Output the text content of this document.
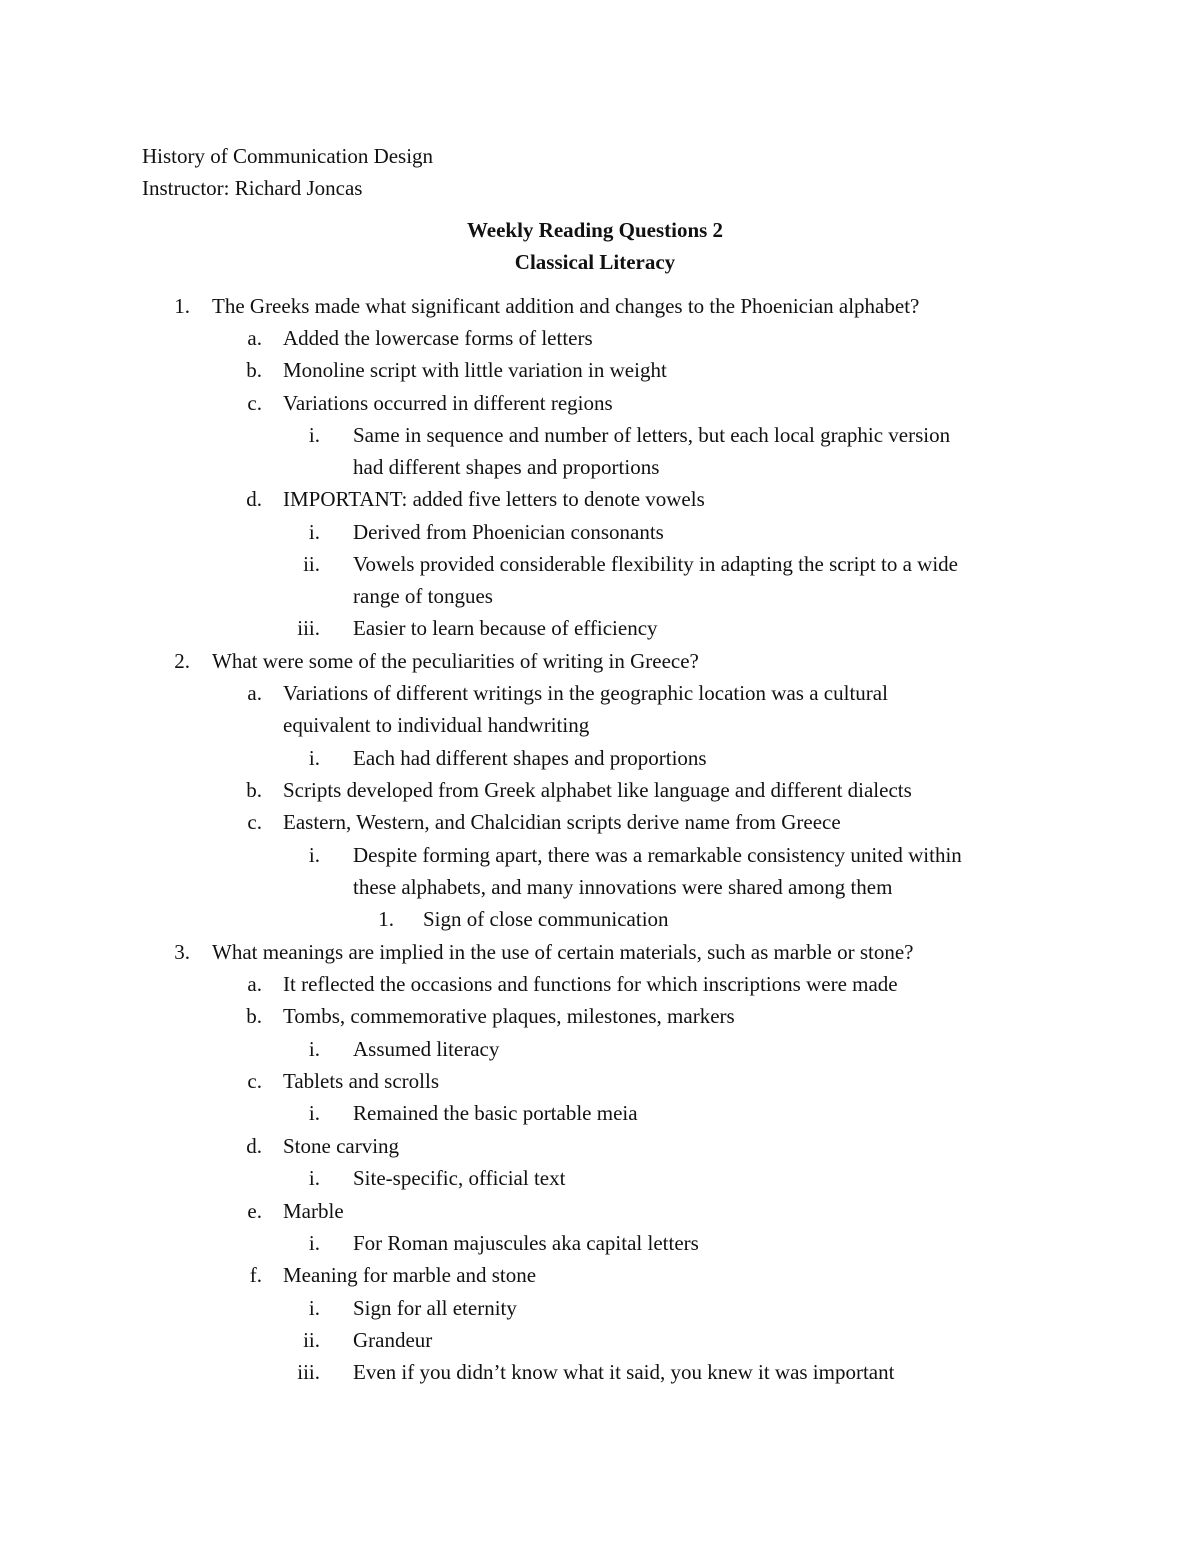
History of Communication Design
Instructor: Richard Joncas
Weekly Reading Questions 2
Classical Literacy
1. The Greeks made what significant addition and changes to the Phoenician alphabet?
a. Added the lowercase forms of letters
b. Monoline script with little variation in weight
c. Variations occurred in different regions
i. Same in sequence and number of letters, but each local graphic version
had different shapes and proportions
d. IMPORTANT: added five letters to denote vowels
i. Derived from Phoenician consonants
ii. Vowels provided considerable flexibility in adapting the script to a wide
range of tongues
iii. Easier to learn because of efficiency
2. What were some of the peculiarities of writing in Greece?
a. Variations of different writings in the geographic location was a cultural
equivalent to individual handwriting
i. Each had different shapes and proportions
b. Scripts developed from Greek alphabet like language and different dialects
c. Eastern, Western, and Chalcidian scripts derive name from Greece
i. Despite forming apart, there was a remarkable consistency united within
these alphabets, and many innovations were shared among them
1. Sign of close communication
3. What meanings are implied in the use of certain materials, such as marble or stone?
a. It reflected the occasions and functions for which inscriptions were made
b. Tombs, commemorative plaques, milestones, markers
i. Assumed literacy
c. Tablets and scrolls
i. Remained the basic portable meia
d. Stone carving
i. Site-specific, official text
e. Marble
i. For Roman majuscules aka capital letters
f. Meaning for marble and stone
i. Sign for all eternity
ii. Grandeur
iii. Even if you didn’t know what it said, you knew it was important
